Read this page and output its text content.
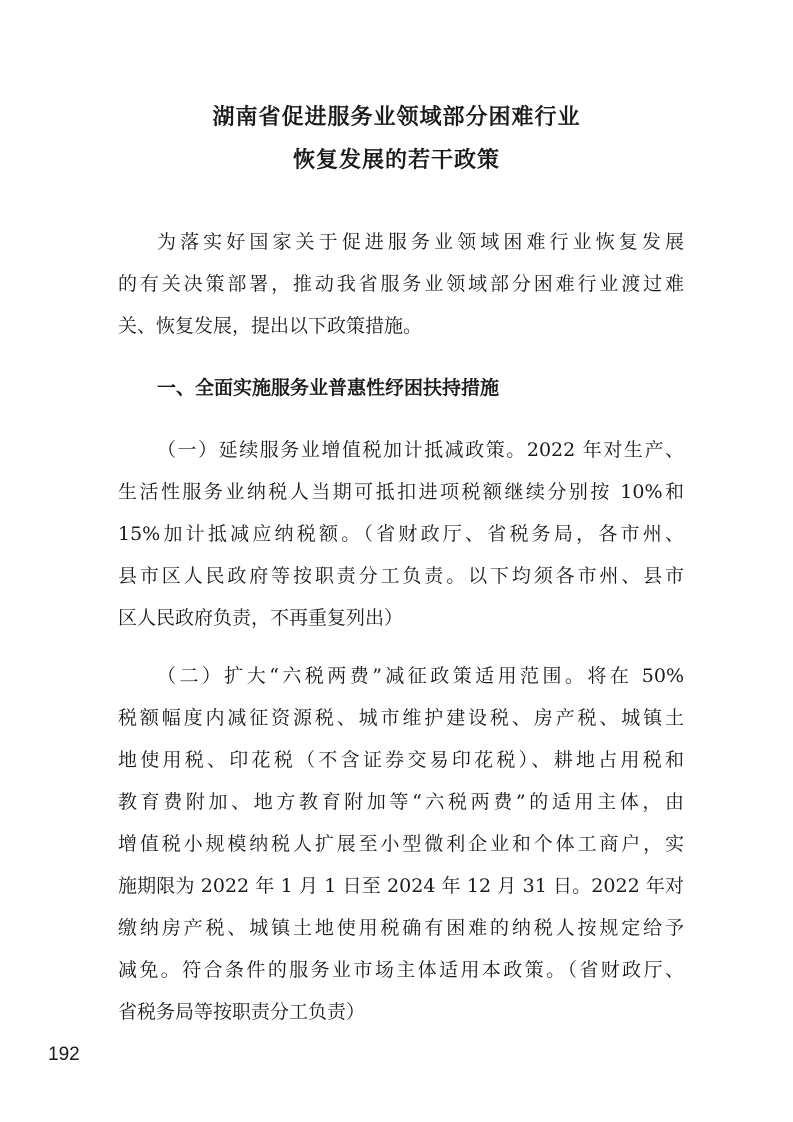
湖南省促进服务业领域部分困难行业
恢复发展的若干政策
为落实好国家关于促进服务业领域困难行业恢复发展
的有关决策部署，推动我省服务业领域部分困难行业渡过难
关、恢复发展，提出以下政策措施。
一、全面实施服务业普惠性纾困扶持措施
（一）延续服务业增值税加计抵减政策。2022 年对生产、
生活性服务业纳税人当期可抵扣进项税额继续分别按 10%和
15%加计抵减应纳税额。（省财政厅、省税务局，各市州、
县市区人民政府等按职责分工负责。以下均须各市州、县市
区人民政府负责，不再重复列出）
（二）扩大“六税两费”减征政策适用范围。将在 50%
税额幅度内减征资源税、城市维护建设税、房产税、城镇土
地使用税、印花税（不含证券交易印花税）、耕地占用税和
教育费附加、地方教育附加等“六税两费”的适用主体，由
增值税小规模纳税人扩展至小型微利企业和个体工商户，实
施期限为 2022 年 1 月 1 日至 2024 年 12 月 31 日。2022 年对
缴纳房产税、城镇土地使用税确有困难的纳税人按规定给予
减免。符合条件的服务业市场主体适用本政策。（省财政厅、
省税务局等按职责分工负责）
192
